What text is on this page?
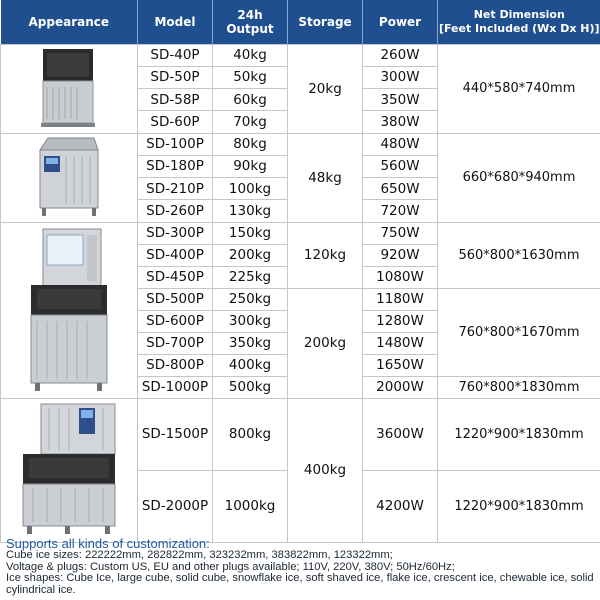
Appearance	Model	24h Output	Storage	Power	Net Dimension
[Feet Included (Wx Dx H)]
	SD-40P	40kg	20kg	260W	440*580*740mm
	SD-50P	50kg		300W	
	SD-58P	60kg		350W	
	SD-60P	70kg		380W	
	SD-100P	80kg	48kg	480W	660*680*940mm
	SD-180P	90kg		560W	
	SD-210P	100kg		650W	
	SD-260P	130kg		720W	
	SD-300P	150kg	120kg	750W	560*800*1630mm
	SD-400P	200kg		920W	
	SD-450P	225kg		1080W	
	SD-500P	250kg	200kg	1180W	760*800*1670mm
	SD-600P	300kg		1280W	
	SD-700P	350kg		1480W	
	SD-800P	400kg		1650W	
	SD-1000P	500kg		2000W	760*800*1830mm
	SD-1500P	800kg	400kg	3600W	1220*900*1830mm
	SD-2000P	1000kg		4200W	1220*900*1830mm
Supports all kinds of customization:
Cube ice sizes: 222222mm, 282822mm, 323232mm, 383822mm, 123322mm;
Voltage & plugs: Custom US, EU and other plugs available; 110V, 220V, 380V; 50Hz/60Hz;
Ice shapes: Cube Ice, large cube, solid cube, snowflake ice, soft shaved ice, flake ice, crescent ice, chewable ice, solid cylindrical ice.
